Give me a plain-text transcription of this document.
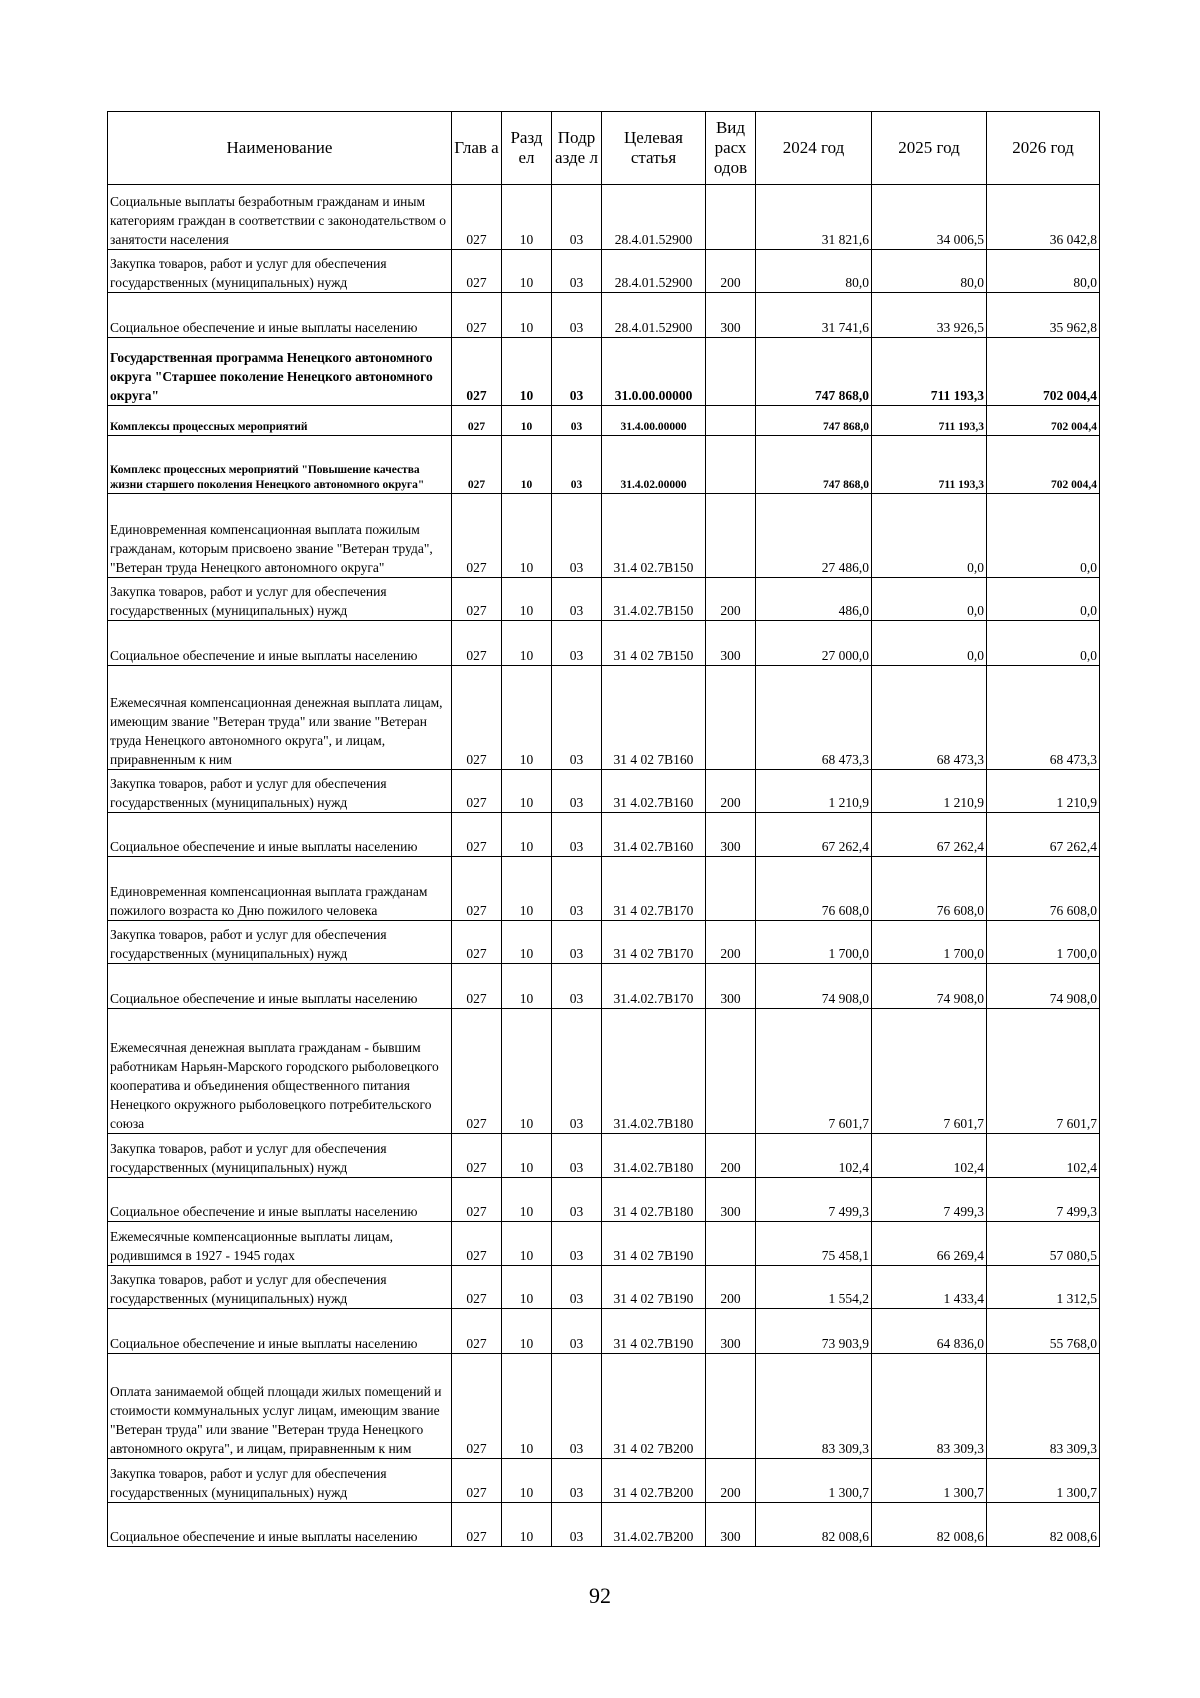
Наименование	Глав а	Разд ел	Подр азде л	Целевая статья	Вид расх одов	2024 год	2025 год	2026 год
Социальные выплаты безработным гражданам и иным категориям граждан в соответствии с законодательством о занятости населения	027	10	03	28.4.01.52900		31 821,6	34 006,5	36 042,8
Закупка товаров, работ и услуг для обеспечения государственных (муниципальных) нужд	027	10	03	28.4.01.52900	200	80,0	80,0	80,0
Социальное обеспечение и иные выплаты населению	027	10	03	28.4.01.52900	300	31 741,6	33 926,5	35 962,8
Государственная программа Ненецкого автономного округа "Старшее поколение Ненецкого автономного округа"	027	10	03	31.0.00.00000		747 868,0	711 193,3	702 004,4
Комплексы процессных мероприятий	027	10	03	31.4.00.00000		747 868,0	711 193,3	702 004,4
Комплекс процессных мероприятий "Повышение качества жизни старшего поколения Ненецкого автономного округа"	027	10	03	31.4.02.00000		747 868,0	711 193,3	702 004,4
Единовременная компенсационная выплата пожилым гражданам, которым присвоено звание "Ветеран труда", "Ветеран труда Ненецкого автономного округа"	027	10	03	31.4 02.7В150		27 486,0	0,0	0,0
Закупка товаров, работ и услуг для обеспечения государственных (муниципальных) нужд	027	10	03	31.4.02.7В150	200	486,0	0,0	0,0
Социальное обеспечение и иные выплаты населению	027	10	03	31 4 02 7В150	300	27 000,0	0,0	0,0
Ежемесячная компенсационная денежная выплата лицам, имеющим звание "Ветеран труда" или звание "Ветеран труда Ненецкого автономного округа", и лицам, приравненным к ним	027	10	03	31 4 02 7В160		68 473,3	68 473,3	68 473,3
Закупка товаров, работ и услуг для обеспечения государственных (муниципальных) нужд	027	10	03	31 4.02.7В160	200	1 210,9	1 210,9	1 210,9
Социальное обеспечение и иные выплаты населению	027	10	03	31.4 02.7В160	300	67 262,4	67 262,4	67 262,4
Единовременная компенсационная выплата гражданам пожилого возраста ко Дню пожилого человека	027	10	03	31 4 02.7В170		76 608,0	76 608,0	76 608,0
Закупка товаров, работ и услуг для обеспечения государственных (муниципальных) нужд	027	10	03	31 4 02 7В170	200	1 700,0	1 700,0	1 700,0
Социальное обеспечение и иные выплаты населению	027	10	03	31.4.02.7В170	300	74 908,0	74 908,0	74 908,0
Ежемесячная денежная выплата гражданам - бывшим работникам Нарьян-Марского городского рыболовецкого кооператива и объединения общественного питания Ненецкого окружного рыболовецкого потребительского союза	027	10	03	31.4.02.7В180		7 601,7	7 601,7	7 601,7
Закупка товаров, работ и услуг для обеспечения государственных (муниципальных) нужд	027	10	03	31.4.02.7В180	200	102,4	102,4	102,4
Социальное обеспечение и иные выплаты населению	027	10	03	31 4 02.7В180	300	7 499,3	7 499,3	7 499,3
Ежемесячные компенсационные выплаты лицам, родившимся в 1927 - 1945 годах	027	10	03	31 4 02 7В190		75 458,1	66 269,4	57 080,5
Закупка товаров, работ и услуг для обеспечения государственных (муниципальных) нужд	027	10	03	31 4 02 7В190	200	1 554,2	1 433,4	1 312,5
Социальное обеспечение и иные выплаты населению	027	10	03	31 4 02.7В190	300	73 903,9	64 836,0	55 768,0
Оплата занимаемой общей площади жилых помещений и стоимости коммунальных услуг лицам, имеющим звание "Ветеран труда" или звание "Ветеран труда Ненецкого автономного округа", и лицам, приравненным к ним	027	10	03	31 4 02 7В200		83 309,3	83 309,3	83 309,3
Закупка товаров, работ и услуг для обеспечения государственных (муниципальных) нужд	027	10	03	31 4 02.7В200	200	1 300,7	1 300,7	1 300,7
Социальное обеспечение и иные выплаты населению	027	10	03	31.4.02.7В200	300	82 008,6	82 008,6	82 008,6
92
